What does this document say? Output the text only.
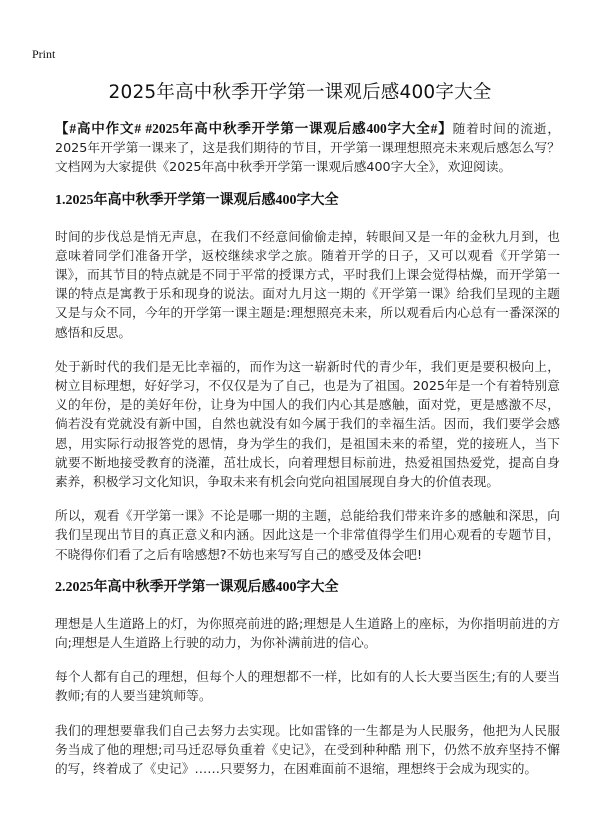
Print
2025年高中秋季开学第一课观后感400字大全

【#高中作文# #2025年高中秋季开学第一课观后感400字大全#】随着时间的流逝，2025年开学第一课来了，这是我们期待的节目，开学第一课理想照亮未来观后感怎么写？文档网为大家提供《2025年高中秋季开学第一课观后感400字大全》，欢迎阅读。

1.2025年高中秋季开学第一课观后感400字大全

时间的步伐总是悄无声息，在我们不经意间偷偷走掉，转眼间又是一年的金秋九月到，也意味着同学们准备开学，返校继续求学之旅。随着开学的日子，又可以观看《开学第一课》，而其节目的特点就是不同于平常的授课方式，平时我们上课会觉得枯燥，而开学第一课的特点是寓教于乐和现身的说法。面对九月这一期的《开学第一课》给我们呈现的主题又是与众不同，今年的开学第一课主题是:理想照亮未来，所以观看后内心总有一番深深的感悟和反思。

处于新时代的我们是无比幸福的，而作为这一崭新时代的青少年，我们更是要积极向上，树立目标理想，好好学习，不仅仅是为了自己，也是为了祖国。2025年是一个有着特别意义的年份，是的美好年份，让身为中国人的我们内心其是感触，面对党，更是感激不尽，倘若没有党就没有新中国，自然也就没有如今属于我们的幸福生活。因而，我们要学会感恩，用实际行动报答党的恩情，身为学生的我们，是祖国未来的希望，党的接班人，当下就要不断地接受教育的浇灌，茁壮成长，向着理想目标前进，热爱祖国热爱党，提高自身素养，积极学习文化知识，争取未来有机会向党向祖国展现自身大的价值表现。

所以，观看《开学第一课》不论是哪一期的主题，总能给我们带来许多的感触和深思，向我们呈现出节目的真正意义和内涵。因此这是一个非常值得学生们用心观看的专题节目，不晓得你们看了之后有啥感想?不妨也来写写自己的感受及体会吧!

2.2025年高中秋季开学第一课观后感400字大全

理想是人生道路上的灯，为你照亮前进的路;理想是人生道路上的座标，为你指明前进的方向;理想是人生道路上行驶的动力，为你补满前进的信心。

每个人都有自己的理想，但每个人的理想都不一样，比如有的人长大要当医生;有的人要当教师;有的人要当建筑师等。

我们的理想要靠我们自己去努力去实现。比如雷锋的一生都是为人民服务，他把为人民服务当成了他的理想;司马迁忍辱负重着《史记》，在受到种种酷 刑下，仍然不放弃坚持不懈的写，终着成了《史记》……只要努力，在困难面前不退缩，理想终于会成为现实的。
